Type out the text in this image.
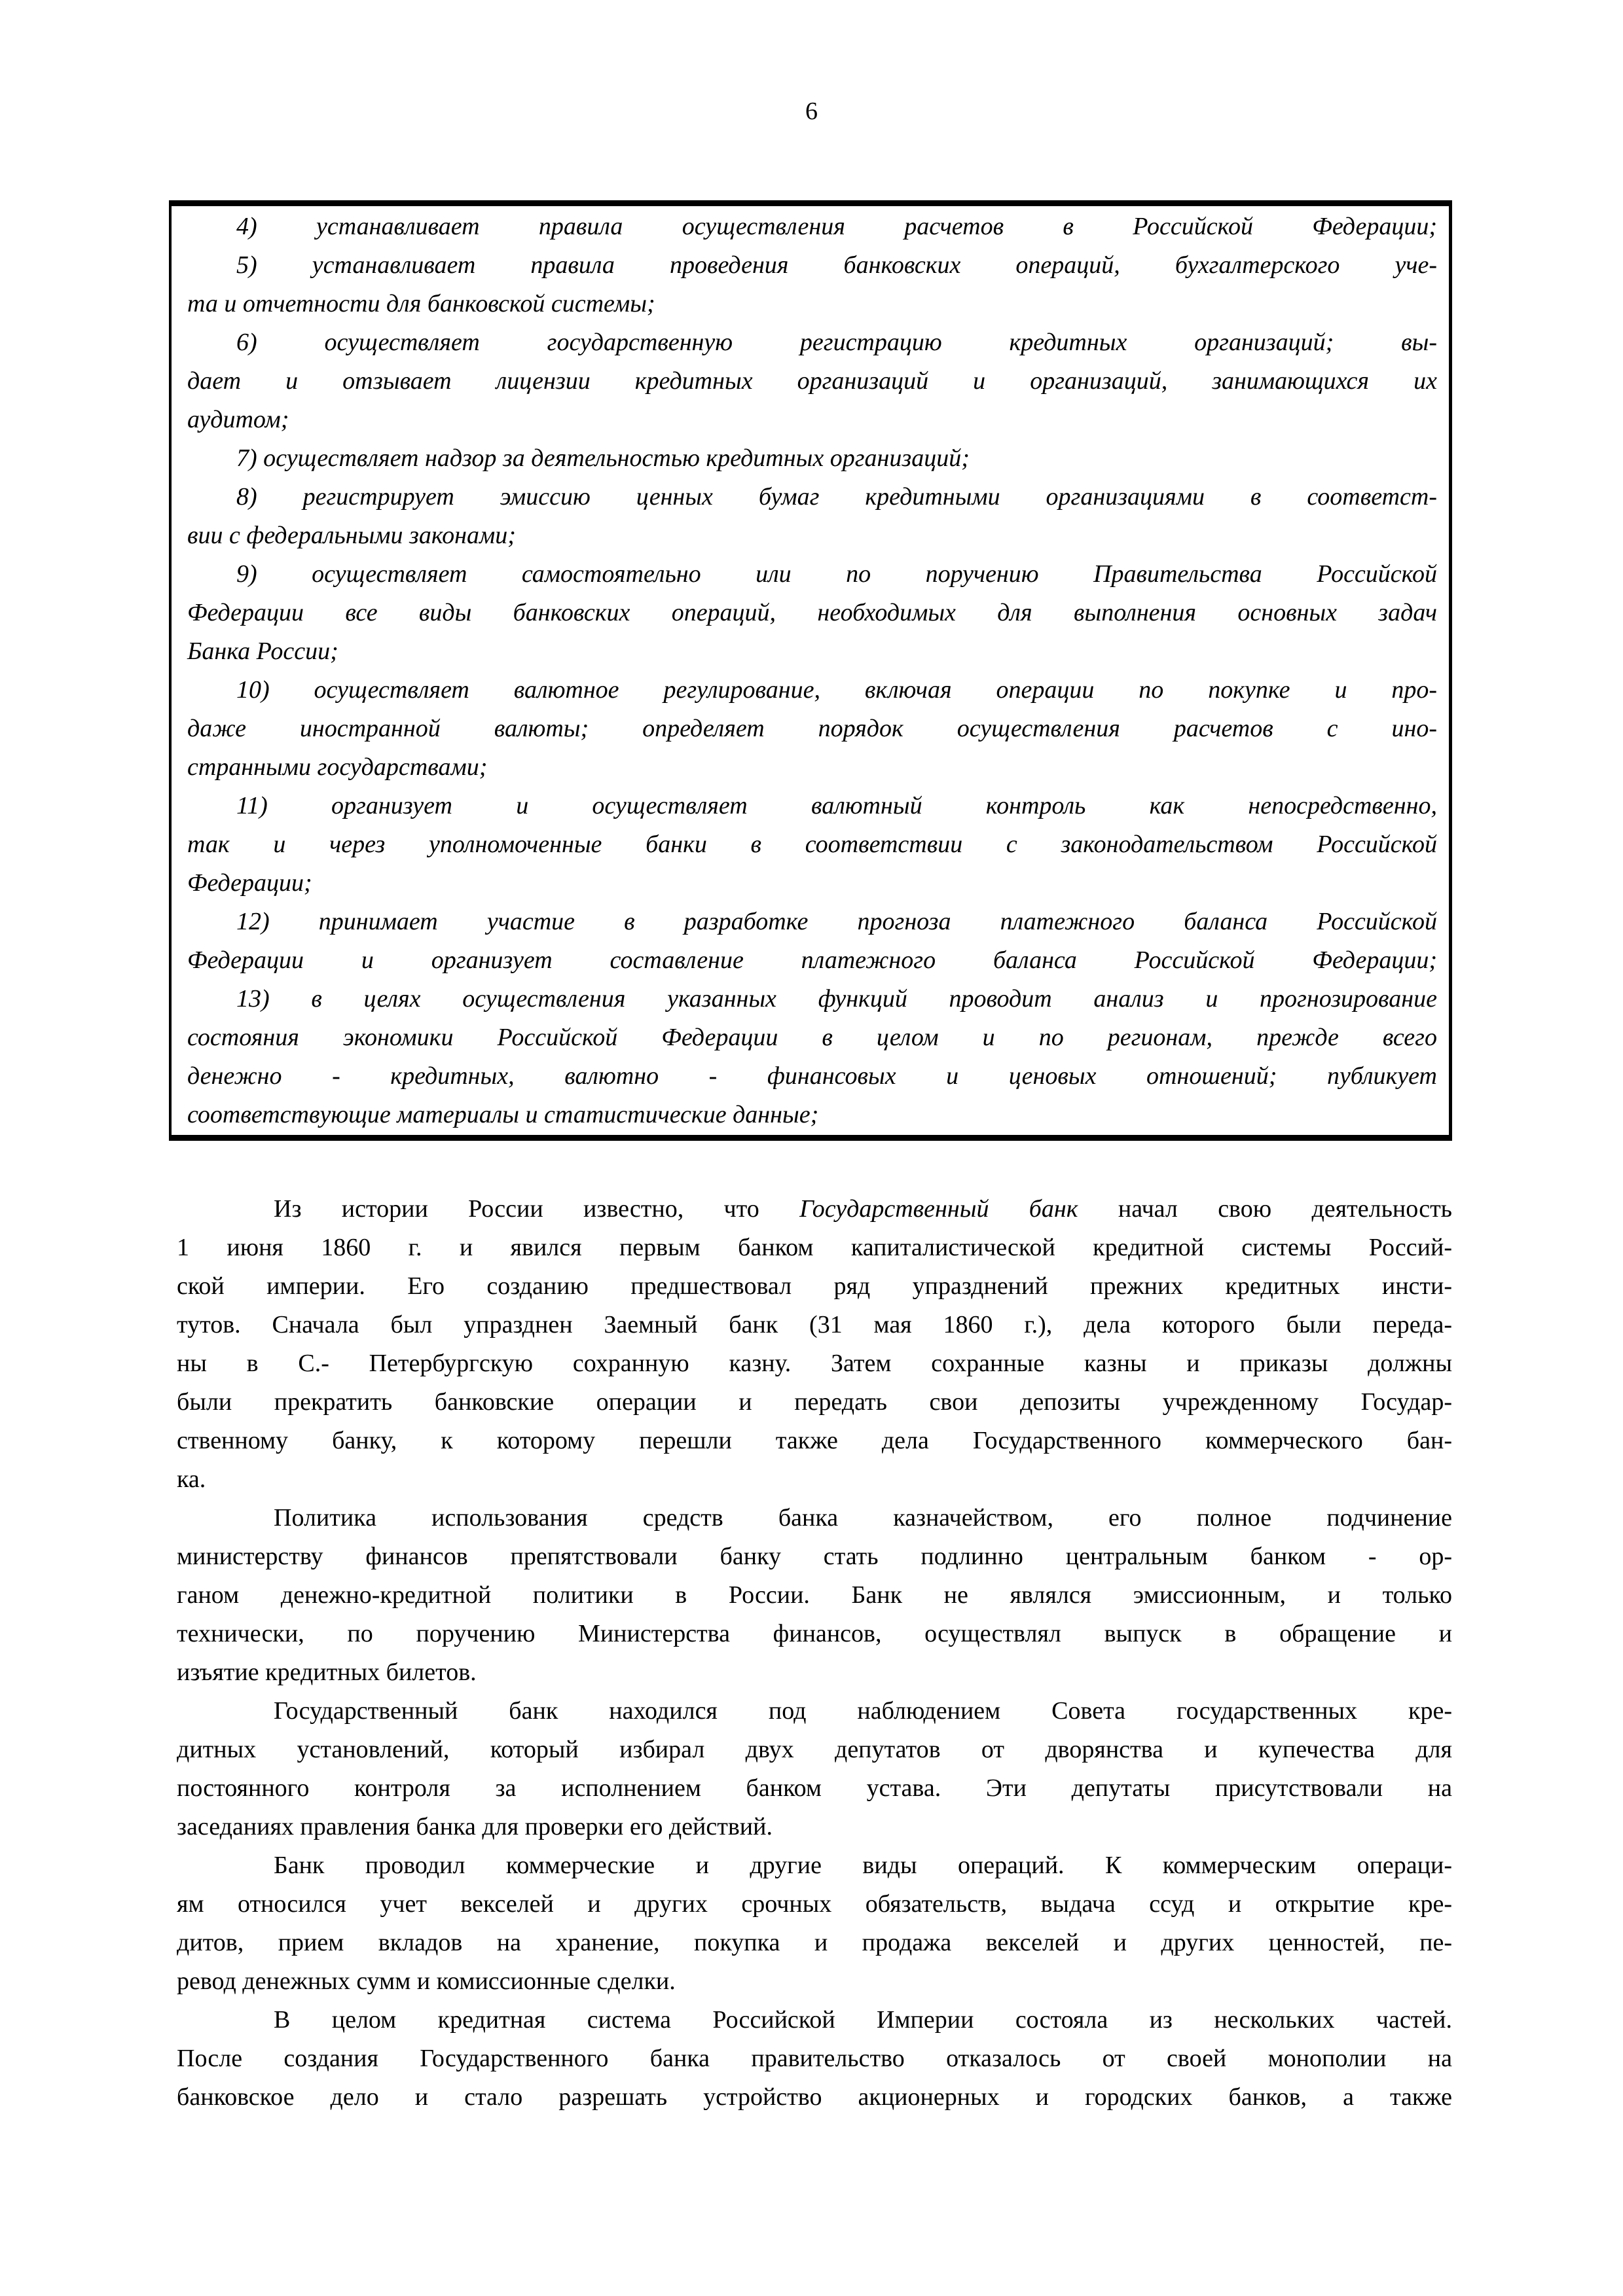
6
4) устанавливает правила осуществления расчетов в Российской Федерации;
5) устанавливает правила проведения банковских операций, бухгалтерского уче-
та и отчетности для банковской системы;
6) осуществляет государственную регистрацию кредитных организаций; вы-
дает и отзывает лицензии кредитных организаций и организаций, занимающихся их
аудитом;
7) осуществляет надзор за деятельностью кредитных организаций;
8) регистрирует эмиссию ценных бумаг кредитными организациями в соответст-
вии с федеральными законами;
9) осуществляет самостоятельно или по поручению Правительства Российской
Федерации все виды банковских операций, необходимых для выполнения основных задач
Банка России;
10) осуществляет валютное регулирование, включая операции по покупке и про-
даже иностранной валюты; определяет порядок осуществления расчетов с ино-
странными государствами;
11) организует и осуществляет валютный контроль как непосредственно,
так и через уполномоченные банки в соответствии с законодательством Российской
Федерации;
12) принимает участие в разработке прогноза платежного баланса Российской
Федерации и организует составление платежного баланса Российской Федерации;
13) в целях осуществления указанных функций проводит анализ и прогнозирование
состояния экономики Российской Федерации в целом и по регионам, прежде всего
денежно - кредитных, валютно - финансовых и ценовых отношений; публикует
соответствующие материалы и статистические данные;
Из истории России известно, что Государственный банк начал свою деятельность
1 июня 1860 г. и явился первым банком капиталистической кредитной системы Россий-
ской империи. Его созданию предшествовал ряд упразднений прежних кредитных инсти-
тутов. Сначала был упразднен Заемный банк (31 мая 1860 г.), дела которого были переда-
ны в С.- Петербургскую сохранную казну. Затем сохранные казны и приказы должны
были прекратить банковские операции и передать свои депозиты учрежденному Государ-
ственному банку, к которому перешли также дела Государственного коммерческого бан-
ка.
Политика использования средств банка казначейством, его полное подчинение
министерству финансов препятствовали банку стать подлинно центральным банком - ор-
ганом денежно-кредитной политики в России. Банк не являлся эмиссионным, и только
технически, по поручению Министерства финансов, осуществлял выпуск в обращение и
изъятие кредитных билетов.
Государственный банк находился под наблюдением Совета государственных кре-
дитных установлений, который избирал двух депутатов от дворянства и купечества для
постоянного контроля за исполнением банком устава. Эти депутаты присутствовали на
заседаниях правления банка для проверки его действий.
Банк проводил коммерческие и другие виды операций. К коммерческим операци-
ям относился учет векселей и других срочных обязательств, выдача ссуд и открытие кре-
дитов, прием вкладов на хранение, покупка и продажа векселей и других ценностей, пе-
ревод денежных сумм и комиссионные сделки.
В целом кредитная система Российской Империи состояла из нескольких частей.
После создания Государственного банка правительство отказалось от своей монополии на
банковское дело и стало разрешать устройство акционерных и городских банков, а также
